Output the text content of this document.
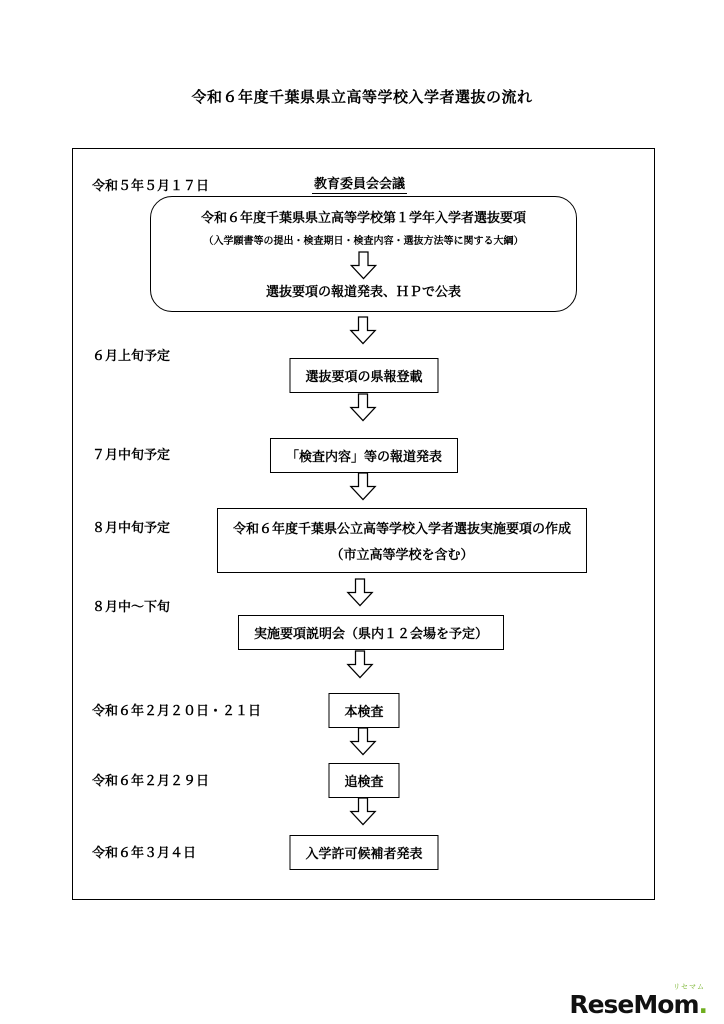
令和６年度千葉県県立高等学校入学者選抜の流れ
令和５年５月１７日	教育委員会会議
令和６年度千葉県県立高等学校第１学年入学者選抜要項
（入学願書等の提出・検査期日・検査内容・選抜方法等に関する大綱）
選抜要項の報道発表、ＨＰで公表
６月上旬予定
選抜要項の県報登載
７月中旬予定	「検査内容」等の報道発表
８月中旬予定	令和６年度千葉県公立高等学校入学者選抜実施要項の作成
（市立高等学校を含む）
８月中～下旬
実施要項説明会（県内１２会場を予定）
令和６年２月２０日・２１日	本検査
令和６年２月２９日	追検査
令和６年３月４日	入学許可候補者発表
リセマム
ReseMom.
